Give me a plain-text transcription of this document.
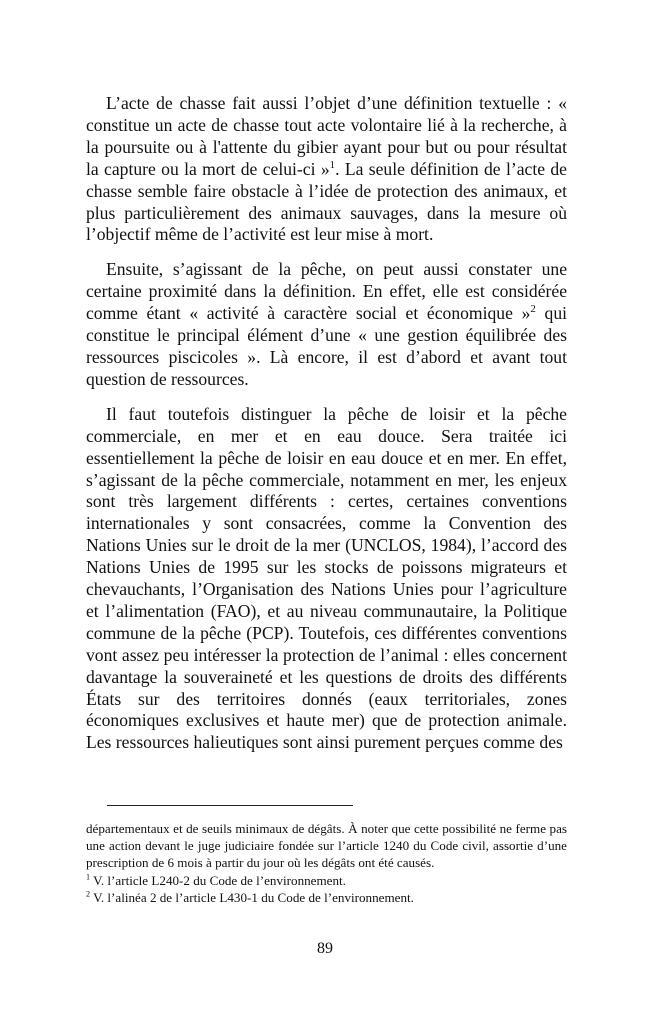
L’acte de chasse fait aussi l’objet d’une définition textuelle : « constitue un acte de chasse tout acte volontaire lié à la recherche, à la poursuite ou à l'attente du gibier ayant pour but ou pour résultat la capture ou la mort de celui-ci »$^1$. La seule définition de l’acte de chasse semble faire obstacle à l’idée de protection des animaux, et plus particulièrement des animaux sauvages, dans la mesure où l’objectif même de l’activité est leur mise à mort.

Ensuite, s’agissant de la pêche, on peut aussi constater une certaine proximité dans la définition. En effet, elle est considérée comme étant « activité à caractère social et économique »$^2$ qui constitue le principal élément d’une « une gestion équilibrée des ressources piscicoles ». Là encore, il est d’abord et avant tout question de ressources.

Il faut toutefois distinguer la pêche de loisir et la pêche commerciale, en mer et en eau douce. Sera traitée ici essentiellement la pêche de loisir en eau douce et en mer. En effet, s’agissant de la pêche commerciale, notamment en mer, les enjeux sont très largement différents : certes, certaines conventions internationales y sont consacrées, comme la Convention des Nations Unies sur le droit de la mer (UNCLOS, 1984), l’accord des Nations Unies de 1995 sur les stocks de poissons migrateurs et chevauchants, l’Organisation des Nations Unies pour l’agriculture et l’alimentation (FAO), et au niveau communautaire, la Politique commune de la pêche (PCP). Toutefois, ces différentes conventions vont assez peu intéresser la protection de l’animal : elles concernent davantage la souveraineté et les questions de droits des différents États sur des territoires donnés (eaux territoriales, zones économiques exclusives et haute mer) que de protection animale. Les ressources halieutiques sont ainsi purement perçues comme des

départementaux et de seuils minimaux de dégâts. À noter que cette possibilité ne ferme pas une action devant le juge judiciaire fondée sur l’article 1240 du Code civil, assortie d’une prescription de 6 mois à partir du jour où les dégâts ont été causés.

$^1$ V. l’article L240-2 du Code de l’environnement.

$^2$ V. l’alinéa 2 de l’article L430-1 du Code de l’environnement.

89
